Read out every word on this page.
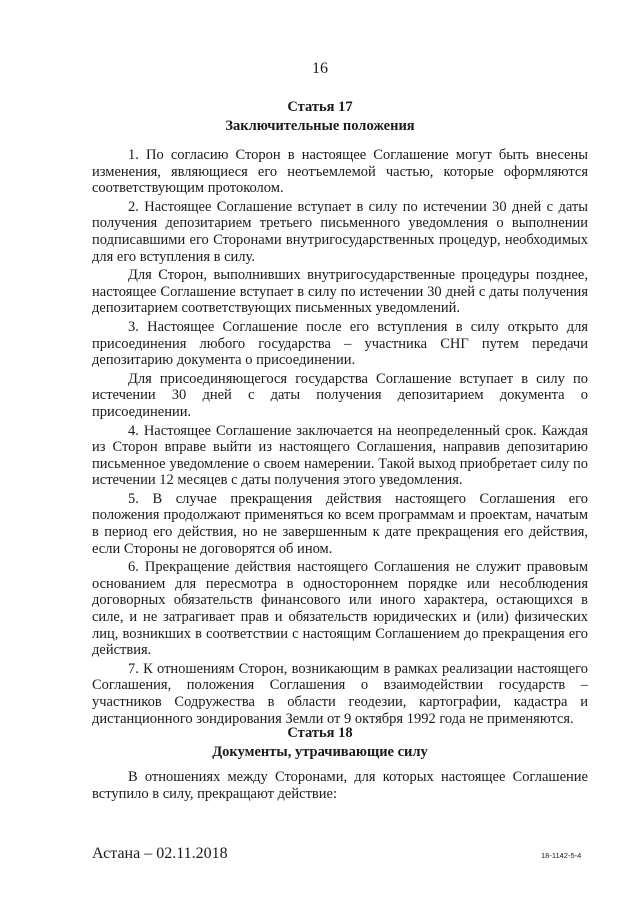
16
Статья 17
Заключительные положения

1. По согласию Сторон в настоящее Соглашение могут быть внесены изменения, являющиеся его неотъемлемой частью, которые оформляются соответствующим протоколом.

2. Настоящее Соглашение вступает в силу по истечении 30 дней с даты получения депозитарием третьего письменного уведомления о выполнении подписавшими его Сторонами внутригосударственных процедур, необходимых для его вступления в силу.

Для Сторон, выполнивших внутригосударственные процедуры позднее, настоящее Соглашение вступает в силу по истечении 30 дней с даты получения депозитарием соответствующих письменных уведомлений.

3. Настоящее Соглашение после его вступления в силу открыто для присоединения любого государства – участника СНГ путем передачи депозитарию документа о присоединении.

Для присоединяющегося государства Соглашение вступает в силу по истечении 30 дней с даты получения депозитарием документа о присоединении.

4. Настоящее Соглашение заключается на неопределенный срок. Каждая из Сторон вправе выйти из настоящего Соглашения, направив депозитарию письменное уведомление о своем намерении. Такой выход приобретает силу по истечении 12 месяцев с даты получения этого уведомления.

5. В случае прекращения действия настоящего Соглашения его положения продолжают применяться ко всем программам и проектам, начатым в период его действия, но не завершенным к дате прекращения его действия, если Стороны не договорятся об ином.

6. Прекращение действия настоящего Соглашения не служит правовым основанием для пересмотра в одностороннем порядке или несоблюдения договорных обязательств финансового или иного характера, остающихся в силе, и не затрагивает прав и обязательств юридических и (или) физических лиц, возникших в соответствии с настоящим Соглашением до прекращения его действия.

7. К отношениям Сторон, возникающим в рамках реализации настоящего Соглашения, положения Соглашения о взаимодействии государств – участников Содружества в области геодезии, картографии, кадастра и дистанционного зондирования Земли от 9 октября 1992 года не применяются.

Статья 18
Документы, утрачивающие силу

В отношениях между Сторонами, для которых настоящее Соглашение вступило в силу, прекращают действие:

Астана – 02.11.2018	18-1142-5-4
